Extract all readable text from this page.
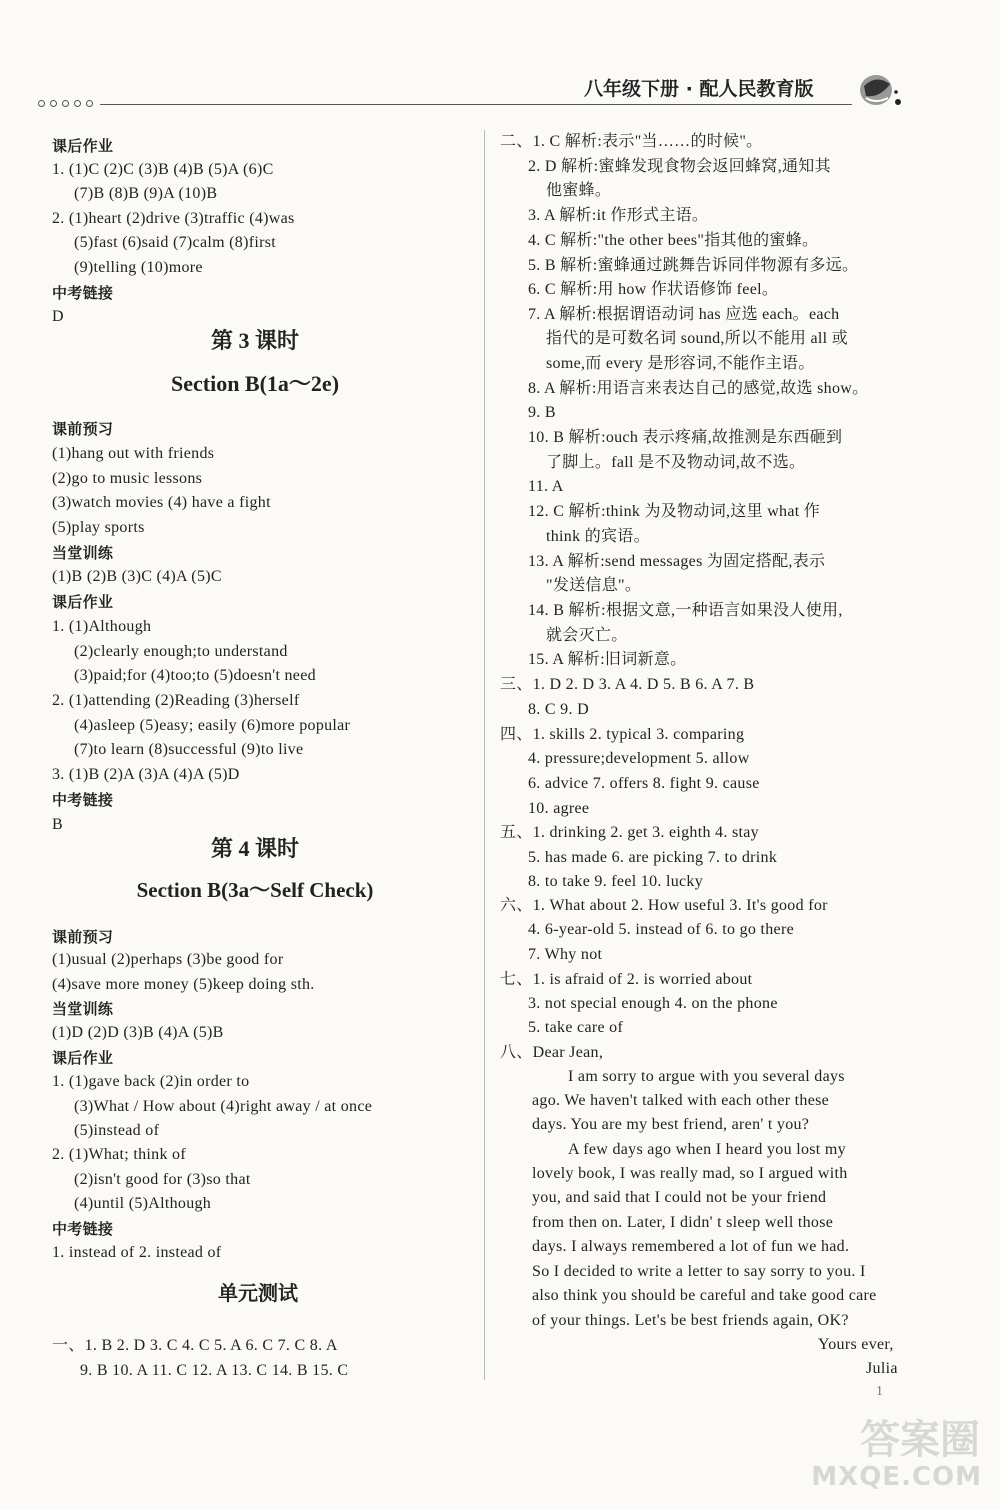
八年级下册 · 配人民教育版
课后作业
1. (1)C (2)C (3)B (4)B (5)A (6)C
(7)B (8)B (9)A (10)B
2. (1)heart (2)drive (3)traffic (4)was
(5)fast (6)said (7)calm (8)first
(9)telling (10)more
中考链接
D
课前预习
(1)hang out with friends
(2)go to music lessons
(3)watch movies (4) have a fight
(5)play sports
当堂训练
(1)B (2)B (3)C (4)A (5)C
课后作业
1. (1)Although
(2)clearly enough;to understand
(3)paid;for (4)too;to (5)doesn't need
2. (1)attending (2)Reading (3)herself
(4)asleep (5)easy; easily (6)more popular
(7)to learn (8)successful (9)to live
3. (1)B (2)A (3)A (4)A (5)D
中考链接
B
课前预习
(1)usual (2)perhaps (3)be good for
(4)save more money (5)keep doing sth.
当堂训练
(1)D (2)D (3)B (4)A (5)B
课后作业
1. (1)gave back (2)in order to
(3)What / How about (4)right away / at once
(5)instead of
2. (1)What; think of
(2)isn't good for (3)so that
(4)until (5)Although
中考链接
1. instead of 2. instead of
一、1. B 2. D 3. C 4. C 5. A 6. C 7. C 8. A
9. B 10. A 11. C 12. A 13. C 14. B 15. C
第 3 课时
Section B(1a～2e)
第 4 课时
Section B(3a～Self Check)
单元测试
二、1. C 解析:表示"当……的时候"。
2. D 解析:蜜蜂发现食物会返回蜂窝,通知其
他蜜蜂。
3. A 解析:it 作形式主语。
4. C 解析:"the other bees"指其他的蜜蜂。
5. B 解析:蜜蜂通过跳舞告诉同伴物源有多远。
6. C 解析:用 how 作状语修饰 feel。
7. A 解析:根据谓语动词 has 应选 each。each
指代的是可数名词 sound,所以不能用 all 或
some,而 every 是形容词,不能作主语。
8. A 解析:用语言来表达自己的感觉,故选 show。
9. B
10. B 解析:ouch 表示疼痛,故推测是东西砸到
了脚上。fall 是不及物动词,故不选。
11. A
12. C 解析:think 为及物动词,这里 what 作
think 的宾语。
13. A 解析:send messages 为固定搭配,表示
"发送信息"。
14. B 解析:根据文意,一种语言如果没人使用,
就会灭亡。
15. A 解析:旧词新意。
三、1. D 2. D 3. A 4. D 5. B 6. A 7. B
8. C 9. D
四、1. skills 2. typical 3. comparing
4. pressure;development 5. allow
6. advice 7. offers 8. fight 9. cause
10. agree
五、1. drinking 2. get 3. eighth 4. stay
5. has made 6. are picking 7. to drink
8. to take 9. feel 10. lucky
六、1. What about 2. How useful 3. It's good for
4. 6-year-old 5. instead of 6. to go there
7. Why not
七、1. is afraid of 2. is worried about
3. not special enough 4. on the phone
5. take care of
八、Dear Jean,
I am sorry to argue with you several days
ago. We haven't talked with each other these
days. You are my best friend, aren' t you?
A few days ago when I heard you lost my
lovely book, I was really mad, so I argued with
you, and said that I could not be your friend
from then on. Later, I didn' t sleep well those
days. I always remembered a lot of fun we had.
So I decided to write a letter to say sorry to you. I
also think you should be careful and take good care
of your things. Let's be best friends again, OK?
Yours ever,
Julia
答案圈
MXQE.COM
1
